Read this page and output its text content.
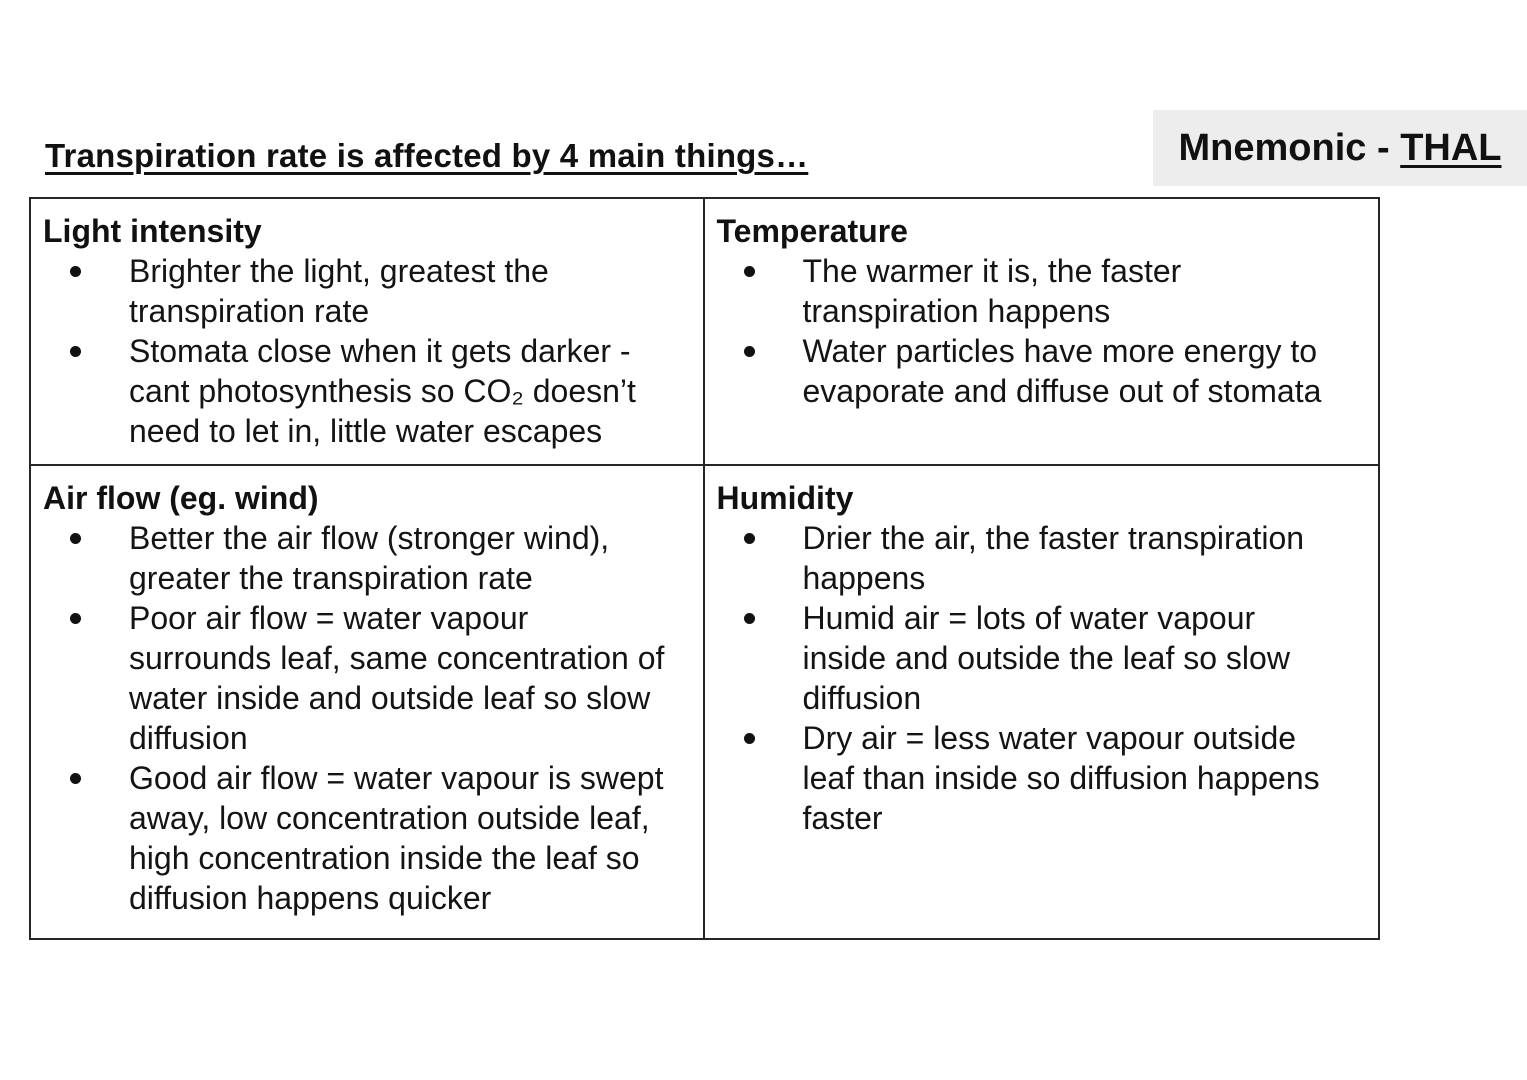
Transpiration rate is affected by 4 main things…	Mnemonic - THAL
Light intensity
Brighter the light, greatest the transpiration rate
Stomata close when it gets darker - cant photosynthesis so CO₂ doesn’t need to let in, little water escapes
Temperature
The warmer it is, the faster transpiration happens
Water particles have more energy to evaporate and diffuse out of stomata
Air flow (eg. wind)
Better the air flow (stronger wind), greater the transpiration rate
Poor air flow = water vapour surrounds leaf, same concentration of water inside and outside leaf so slow diffusion
Good air flow = water vapour is swept away, low concentration outside leaf, high concentration inside the leaf so diffusion happens quicker
Humidity
Drier the air, the faster transpiration happens
Humid air = lots of water vapour inside and outside the leaf so slow diffusion
Dry air = less water vapour outside leaf than inside so diffusion happens faster
